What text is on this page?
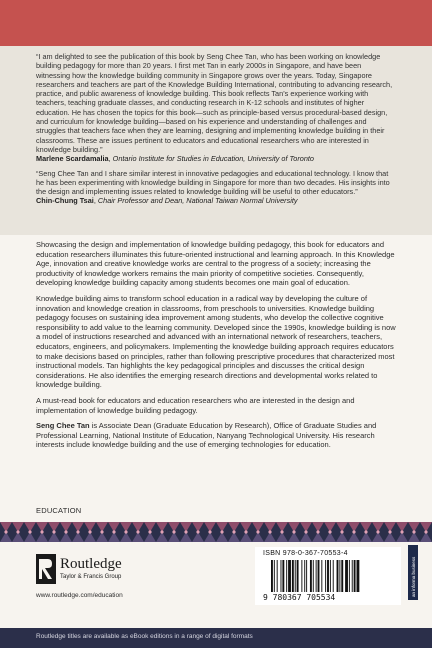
“I am delighted to see the publication of this book by Seng Chee Tan, who has been working on knowledge building pedagogy for more than 20 years. I first met Tan in early 2000s in Singapore, and have been witnessing how the knowledge building community in Singapore grows over the years. Today, Singapore researchers and teachers are part of the Knowledge Building International, contributing to advancing research, practice, and public awareness of knowledge building. This book reflects Tan’s experience working with teachers, teaching graduate classes, and conducting research in K-12 schools and institutes of higher education. He has chosen the topics for this book—such as principle-based versus procedural-based design, and curriculum for knowledge building—based on his experience and understanding of challenges and struggles that teachers face when they are learning, designing and implementing knowledge building in their classrooms. These are issues pertinent to educators and educational researchers who are interested in knowledge building.”

Marlene Scardamalia, Ontario Institute for Studies in Education, University of Toronto

“Seng Chee Tan and I share similar interest in innovative pedagogies and educational technology. I know that he has been experimenting with knowledge building in Singapore for more than two decades. His insights into the design and implementing issues related to knowledge building will be useful to other educators.”

Chin-Chung Tsai, Chair Professor and Dean, National Taiwan Normal University

Showcasing the design and implementation of knowledge building pedagogy, this book for educators and education researchers illuminates this future-oriented instructional and learning approach. In this Knowledge Age, innovation and creative knowledge works are central to the progress of a society; increasing the productivity of knowledge workers remains the main priority of competitive societies. Consequently, developing knowledge building capacity among students becomes one main goal of education.

Knowledge building aims to transform school education in a radical way by developing the culture of innovation and knowledge creation in classrooms, from preschools to universities. Knowledge building pedagogy focuses on sustaining idea improvement among students, who develop the collective cognitive responsibility to add value to the learning community. Developed since the 1990s, knowledge building is now a model of instructions researched and advanced with an international network of researchers, teachers, educators, engineers, and policymakers. Implementing the knowledge building approach requires educators to make decisions based on principles, rather than following prescriptive procedures that characterized most instructional models. Tan highlights the key pedagogical principles and discusses the critical design considerations. He also identifies the emerging research directions and developmental works related to knowledge building.

A must-read book for educators and education researchers who are interested in the design and implementation of knowledge building pedagogy.

Seng Chee Tan is Associate Dean (Graduate Education by Research), Office of Graduate Studies and Professional Learning, National Institute of Education, Nanyang Technological University. His research interests include knowledge building and the use of emerging technologies for education.

EDUCATION
Routledge
Taylor & Francis Group
www.routledge.com/education
ISBN 978-0-367-70553-4
9 780367 705534
an informa business
Routledge titles are available as eBook editions in a range of digital formats
